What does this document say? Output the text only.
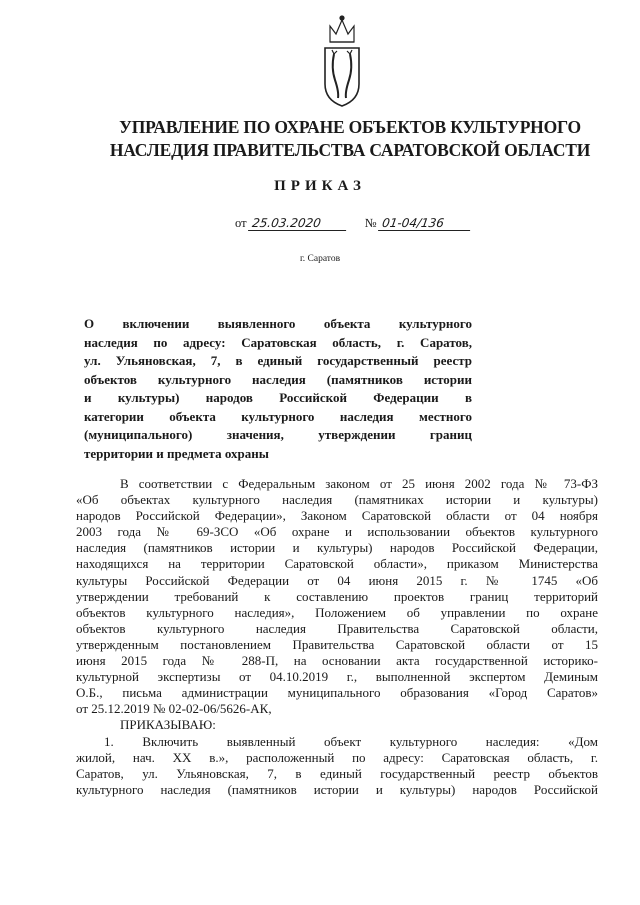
УПРАВЛЕНИЕ ПО ОХРАНЕ ОБЪЕКТОВ КУЛЬТУРНОГО
НАСЛЕДИЯ ПРАВИТЕЛЬСТВА САРАТОВСКОЙ ОБЛАСТИ
ПРИКАЗ
от 25.03.2020	№ 01-04/136
г. Саратов
О включении выявленного объекта культурного
наследия по адресу: Саратовская область, г. Саратов,
ул. Ульяновская, 7, в единый государственный реестр
объектов культурного наследия (памятников истории
и культуры) народов Российской Федерации в
категории объекта культурного наследия местного
(муниципального) значения, утверждении границ
территории и предмета охраны
В соответствии с Федеральным законом от 25 июня 2002 года № 73-ФЗ
«Об объектах культурного наследия (памятниках истории и культуры)
народов Российской Федерации», Законом Саратовской области от 04 ноября
2003 года № 69-ЗСО «Об охране и использовании объектов культурного
наследия (памятников истории и культуры) народов Российской Федерации,
находящихся на территории Саратовской области», приказом Министерства
культуры Российской Федерации от 04 июня 2015 г. № 1745 «Об
утверждении требований к составлению проектов границ территорий
объектов культурного наследия», Положением об управлении по охране
объектов культурного наследия Правительства Саратовской области,
утвержденным постановлением Правительства Саратовской области от 15
июня 2015 года № 288-П, на основании акта государственной историко-
культурной экспертизы от 04.10.2019 г., выполненной экспертом Деминым
О.Б., письма администрации муниципального образования «Город Саратов»
от 25.12.2019 № 02-02-06/5626-АК,
ПРИКАЗЫВАЮ:
1. Включить выявленный объект культурного наследия: «Дом
жилой, нач. XX в.», расположенный по адресу: Саратовская область, г.
Саратов, ул. Ульяновская, 7, в единый государственный реестр объектов
культурного наследия (памятников истории и культуры) народов Российской
